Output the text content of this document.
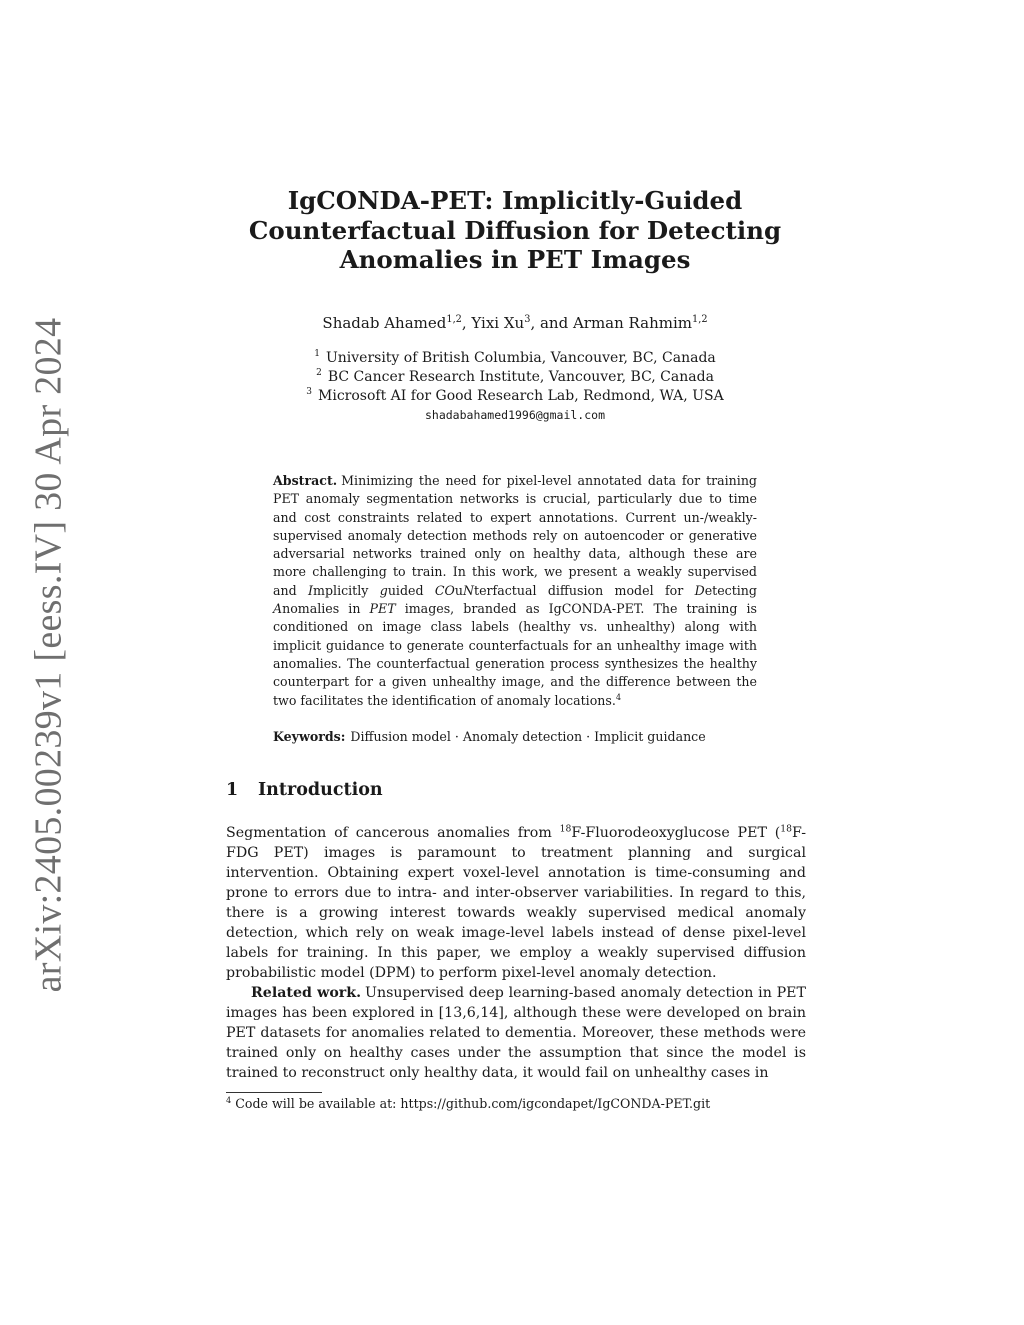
arXiv:2405.00239v1 [eess.IV] 30 Apr 2024
IgCONDA-PET: Implicitly-Guided
Counterfactual Diffusion for Detecting
Anomalies in PET Images
Shadab Ahamed$^{1,2}$, Yixi Xu$^3$, and Arman Rahmim$^{1,2}$
$^1$ University of British Columbia, Vancouver, BC, Canada
$^2$ BC Cancer Research Institute, Vancouver, BC, Canada
$^3$ Microsoft AI for Good Research Lab, Redmond, WA, USA
shadabahamed1996@gmail.com
Abstract. Minimizing the need for pixel-level annotated data for training PET anomaly segmentation networks is crucial, particularly due to time and cost constraints related to expert annotations. Current un-/weakly-supervised anomaly detection methods rely on autoencoder or generative adversarial networks trained only on healthy data, although these are more challenging to train. In this work, we present a weakly supervised and Implicitly guided COuNterfactual diffusion model for Detecting Anomalies in PET images, branded as IgCONDA-PET. The training is conditioned on image class labels (healthy vs. unhealthy) along with implicit guidance to generate counterfactuals for an unhealthy image with anomalies. The counterfactual generation process synthesizes the healthy counterpart for a given unhealthy image, and the difference between the two facilitates the identification of anomaly locations.$^4$
Keywords: Diffusion model · Anomaly detection · Implicit guidance
1 Introduction

Segmentation of cancerous anomalies from $^{18}$F-Fluorodeoxyglucose PET ($^{18}$F-FDG PET) images is paramount to treatment planning and surgical intervention. Obtaining expert voxel-level annotation is time-consuming and prone to errors due to intra- and inter-observer variabilities. In regard to this, there is a growing interest towards weakly supervised medical anomaly detection, which rely on weak image-level labels instead of dense pixel-level labels for training. In this paper, we employ a weakly supervised diffusion probabilistic model (DPM) to perform pixel-level anomaly detection.

Related work. Unsupervised deep learning-based anomaly detection in PET images has been explored in [13,6,14], although these were developed on brain PET datasets for anomalies related to dementia. Moreover, these methods were trained only on healthy cases under the assumption that since the model is trained to reconstruct only healthy data, it would fail on unhealthy cases in

$^4$ Code will be available at: https://github.com/igcondapet/IgCONDA-PET.git
